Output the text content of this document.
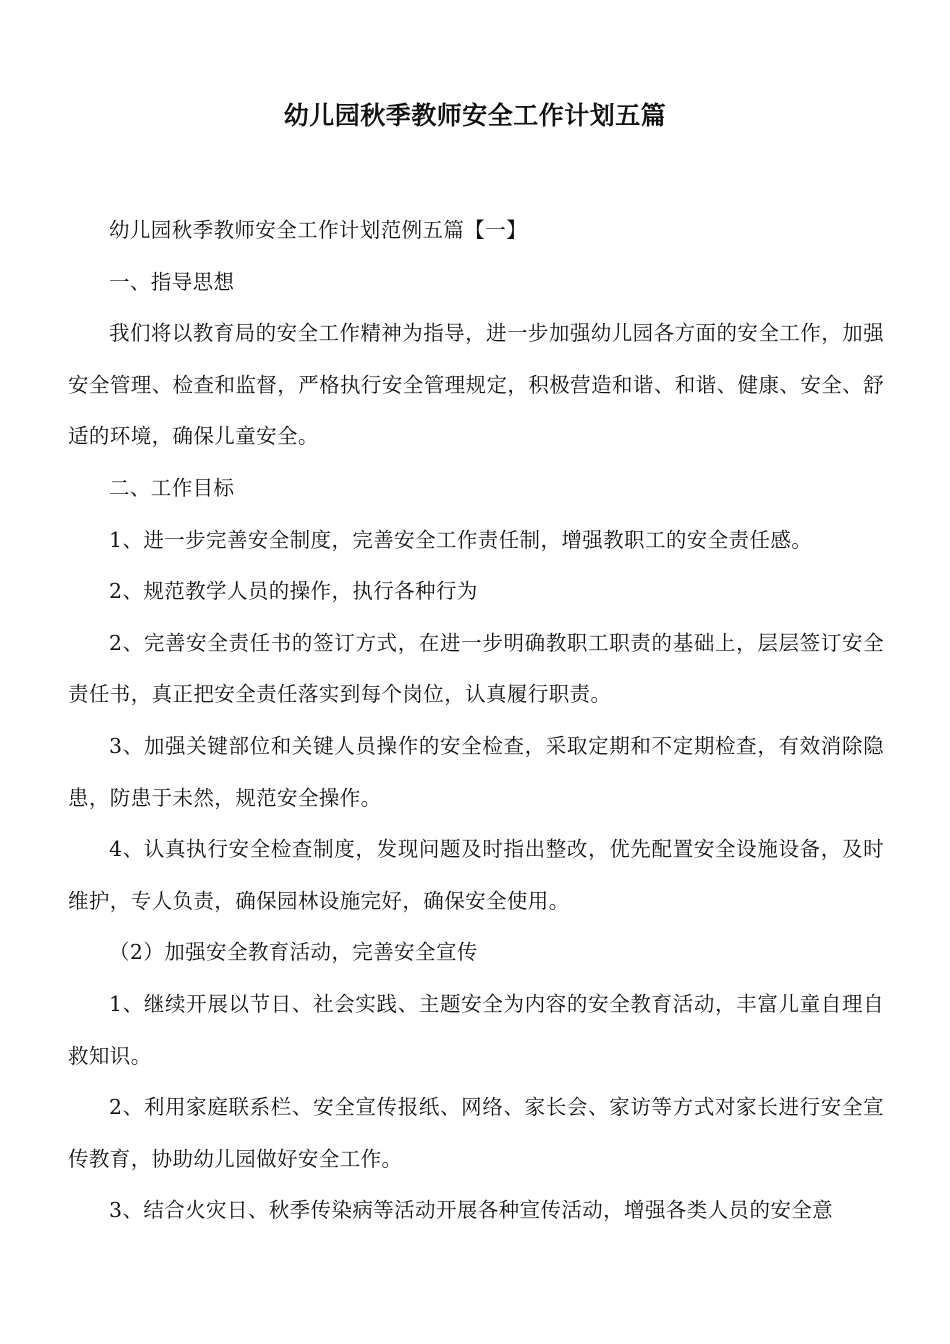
幼儿园秋季教师安全工作计划五篇

幼儿园秋季教师安全工作计划范例五篇【一】

一、指导思想

我们将以教育局的安全工作精神为指导，进一步加强幼儿园各方面的安全工作，加强安全管理、检查和监督，严格执行安全管理规定，积极营造和谐、和谐、健康、安全、舒适的环境，确保儿童安全。

二、工作目标

1、进一步完善安全制度，完善安全工作责任制，增强教职工的安全责任感。

2、规范教学人员的操作，执行各种行为

2、完善安全责任书的签订方式，在进一步明确教职工职责的基础上，层层签订安全责任书，真正把安全责任落实到每个岗位，认真履行职责。

3、加强关键部位和关键人员操作的安全检查，采取定期和不定期检查，有效消除隐患，防患于未然，规范安全操作。

4、认真执行安全检查制度，发现问题及时指出整改，优先配置安全设施设备，及时维护，专人负责，确保园林设施完好，确保安全使用。

（2）加强安全教育活动，完善安全宣传

1、继续开展以节日、社会实践、主题安全为内容的安全教育活动，丰富儿童自理自救知识。

2、利用家庭联系栏、安全宣传报纸、网络、家长会、家访等方式对家长进行安全宣传教育，协助幼儿园做好安全工作。

3、结合火灾日、秋季传染病等活动开展各种宣传活动，增强各类人员的安全意
